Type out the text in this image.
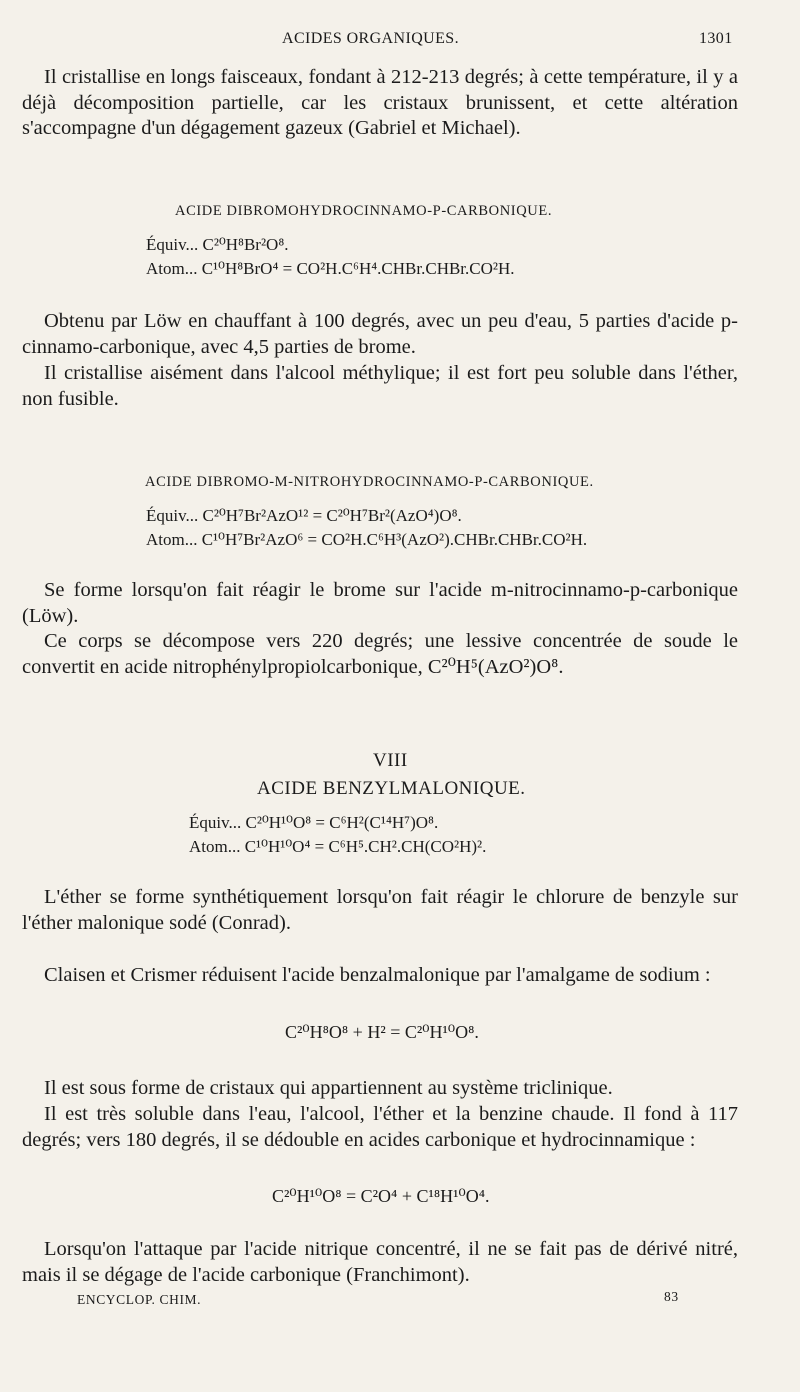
ACIDES ORGANIQUES.	1301
Il cristallise en longs faisceaux, fondant à 212-213 degrés; à cette température, il y a déjà décomposition partielle, car les cristaux brunissent, et cette altération s'accompagne d'un dégagement gazeux (Gabriel et Michael).
ACIDE DIBROMOHYDROCINNAMO-P-CARBONIQUE.
Équiv... C²⁰H⁸Br²O⁸.
Atom... C¹⁰H⁸BrO⁴ = CO²H.C⁶H⁴.CHBr.CHBr.CO²H.
Obtenu par Löw en chauffant à 100 degrés, avec un peu d'eau, 5 parties d'acide p-cinnamo-carbonique, avec 4,5 parties de brome.
Il cristallise aisément dans l'alcool méthylique; il est fort peu soluble dans l'éther, non fusible.
ACIDE DIBROMO-M-NITROHYDROCINNAMO-P-CARBONIQUE.
Équiv... C²⁰H⁷Br²AzO¹² = C²⁰H⁷Br²(AzO⁴)O⁸.
Atom... C¹⁰H⁷Br²AzO⁶ = CO²H.C⁶H³(AzO²).CHBr.CHBr.CO²H.
Se forme lorsqu'on fait réagir le brome sur l'acide m-nitrocinnamo-p-carbonique (Löw).
Ce corps se décompose vers 220 degrés; une lessive concentrée de soude le convertit en acide nitrophénylpropiolcarbonique, C²⁰H⁵(AzO²)O⁸.
VIII
ACIDE BENZYLMALONIQUE.
Équiv... C²⁰H¹⁰O⁸ = C⁶H²(C¹⁴H⁷)O⁸.
Atom... C¹⁰H¹⁰O⁴ = C⁶H⁵.CH².CH(CO²H)².
L'éther se forme synthétiquement lorsqu'on fait réagir le chlorure de benzyle sur l'éther malonique sodé (Conrad).
Claisen et Crismer réduisent l'acide benzalmalonique par l'amalgame de sodium :
C²⁰H⁸O⁸ + H² = C²⁰H¹⁰O⁸.
Il est sous forme de cristaux qui appartiennent au système triclinique.
Il est très soluble dans l'eau, l'alcool, l'éther et la benzine chaude. Il fond à 117 degrés; vers 180 degrés, il se dédouble en acides carbonique et hydrocinnamique :
C²⁰H¹⁰O⁸ = C²O⁴ + C¹⁸H¹⁰O⁴.
Lorsqu'on l'attaque par l'acide nitrique concentré, il ne se fait pas de dérivé nitré, mais il se dégage de l'acide carbonique (Franchimont).
ENCYCLOP. CHIM.	83
